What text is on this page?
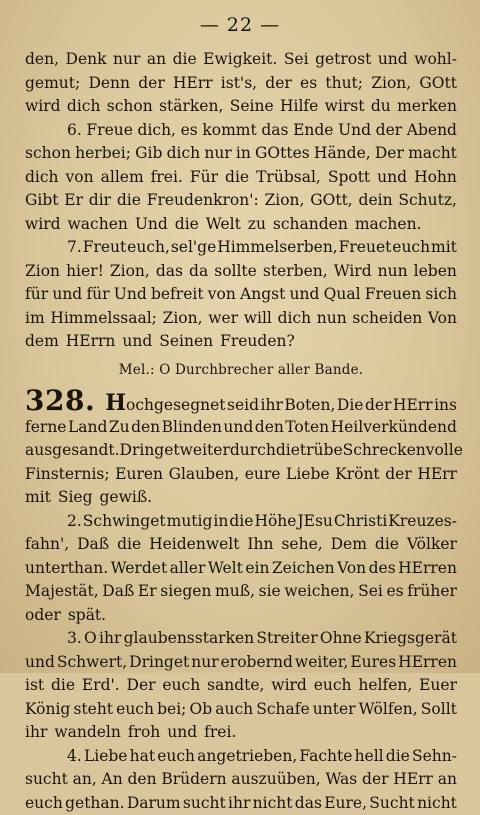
— 22 —
den, Denk nur an die Ewigkeit. Sei getrost und wohl-
gemut; Denn der HErr ist's, der es thut; Zion, GOtt
wird dich schon stärken, Seine Hilfe wirst du merken
6. Freue dich, es kommt das Ende Und der Abend
schon herbei; Gib dich nur in GOttes Hände, Der macht
dich von allem frei. Für die Trübsal, Spott und Hohn
Gibt Er dir die Freudenkron': Zion, GOtt, dein Schutz,
wird wachen Und die Welt zu schanden machen.
7. Freut euch, sel'ge Himmelserben, Freuet euch mit
Zion hier! Zion, das da sollte sterben, Wird nun leben
für und für Und befreit von Angst und Qual Freuen sich
im Himmelssaal; Zion, wer will dich nun scheiden Von
dem HErrn und Seinen Freuden?
Mel.: O Durchbrecher aller Bande.
328. H ochgesegnet seid ihr Boten, Die der HErr ins
ferne Land Zu den Blinden und den Toten Heilverkündend
ausgesandt. Dringet weiter durch die trübe Schreckenvolle
Finsternis; Euren Glauben, eure Liebe Krönt der HErr
mit Sieg gewiß.
2. Schwinget mutig in die Höhe JEsu Christi Kreuzes-
fahn', Daß die Heidenwelt Ihn sehe, Dem die Völker
unterthan. Werdet aller Welt ein Zeichen Von des HErren
Majestät, Daß Er siegen muß, sie weichen, Sei es früher
oder spät.
3. O ihr glaubensstarken Streiter Ohne Kriegsgerät
und Schwert, Dringet nur erobernd weiter, Eures HErren
ist die Erd'. Der euch sandte, wird euch helfen, Euer
König steht euch bei; Ob auch Schafe unter Wölfen, Sollt
ihr wandeln froh und frei.
4. Liebe hat euch angetrieben, Fachte hell die Sehn-
sucht an, An den Brüdern auszuüben, Was der HErr an
euch gethan. Darum sucht ihr nicht das Eure, Sucht nicht
